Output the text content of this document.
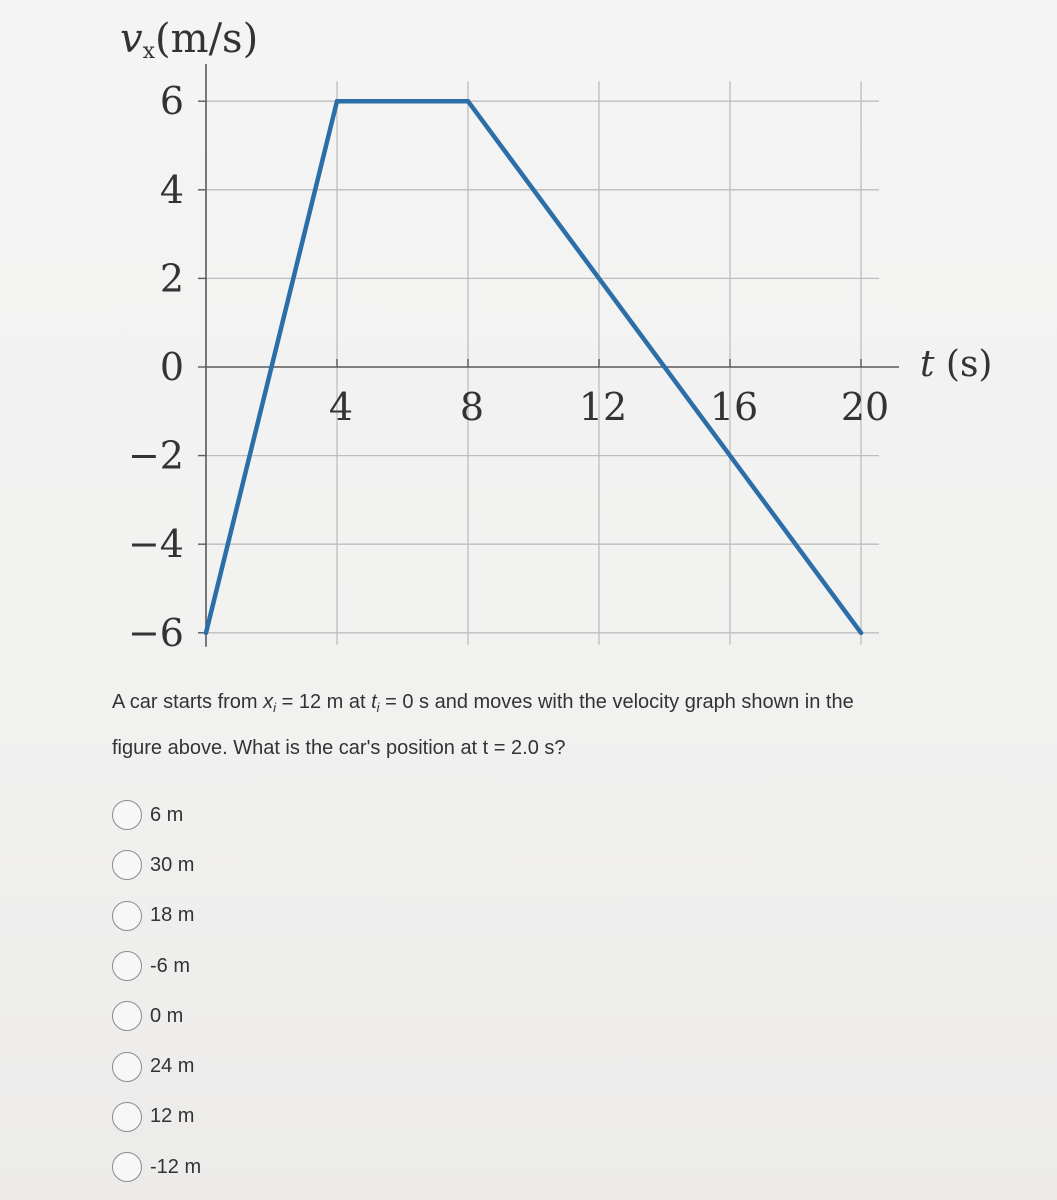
6
4
2
0
−2
−4
−6
4	8 12 16 20
vx(m/s)
t (s)
A car starts from $x_i = 12$ m at $t_i = 0$ s and moves with the velocity graph shown in the
figure above. What is the car's position at t = 2.0 s?
6 m
30 m
18 m
-6 m
0 m
24 m
12 m
-12 m
